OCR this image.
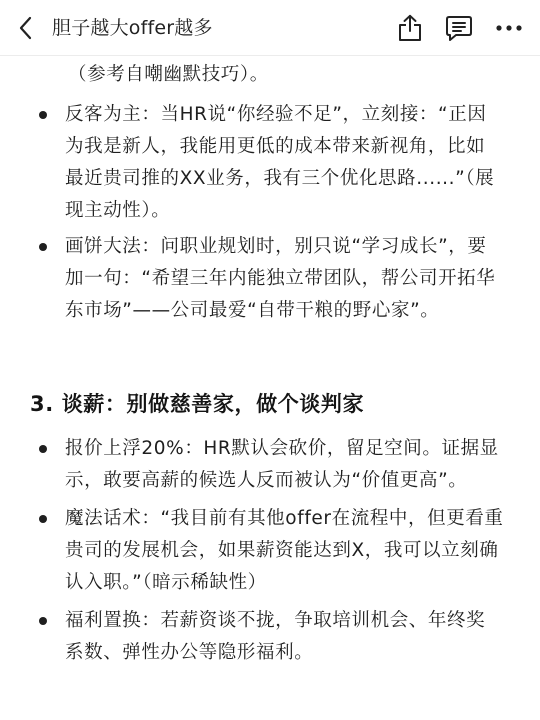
胆子越大offer越多
（参考自嘲幽默技巧）。
反客为主：当HR说“你经验不足”，立刻接：“正因
为我是新人，我能用更低的成本带来新视角，比如
最近贵司推的XX业务，我有三个优化思路......”（展
现主动性）。
画饼大法：问职业规划时，别只说“学习成长”，要
加一句：“希望三年内能独立带团队，帮公司开拓华
东市场”——公司最爱“自带干粮的野心家”。
3. 谈薪：别做慈善家，做个谈判家
报价上浮20%：HR默认会砍价，留足空间。证据显
示，敢要高薪的候选人反而被认为“价值更高”。
魔法话术：“我目前有其他offer在流程中，但更看重
贵司的发展机会，如果薪资能达到X，我可以立刻确
认入职。”（暗示稀缺性）
福利置换：若薪资谈不拢，争取培训机会、年终奖
系数、弹性办公等隐形福利。
